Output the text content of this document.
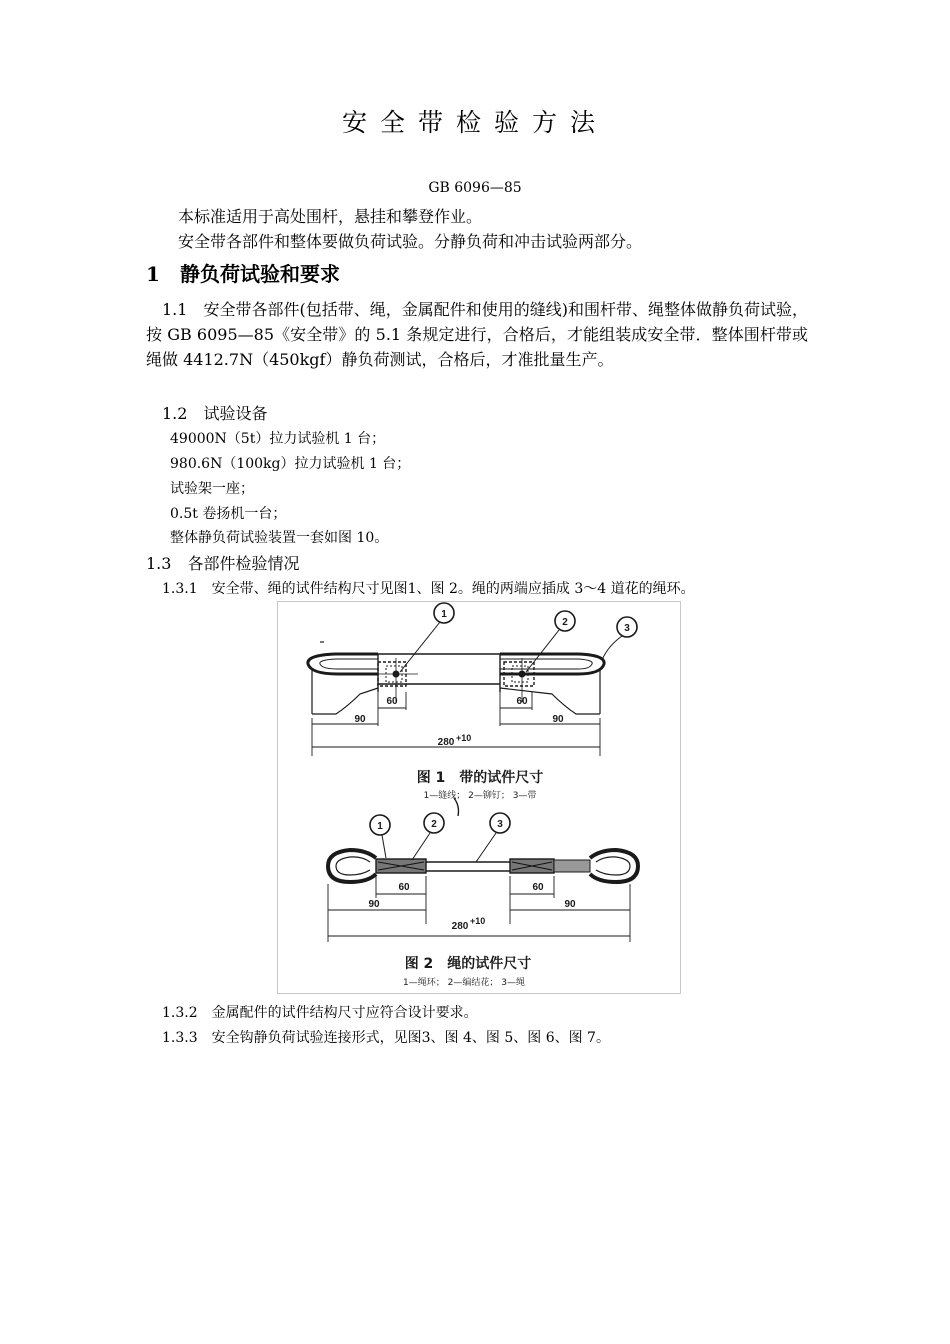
安全带检验方法
GB 6096—85
本标准适用于高处围杆，悬挂和攀登作业。
安全带各部件和整体要做负荷试验。分静负荷和冲击试验两部分。
1 静负荷试验和要求
1.1　安全带各部件(包括带、绳，金属配件和使用的缝线)和围杆带、绳整体做静负荷试验，按 GB 6095—85《安全带》的 5.1 条规定进行，合格后，才能组装成安全带．整体围杆带或绳做 4412.7N（450kgf）静负荷测试，合格后，才准批量生产。
1.2　试验设备
49000N（5t）拉力试验机 1 台；
980.6N（100kg）拉力试验机 1 台；
试验架一座；
0.5t 卷扬机一台；
整体静负荷试验装置一套如图 10。
1.3　各部件检验情况
1.3.1　安全带、绳的试件结构尺寸见图1、图 2。绳的两端应插成 3～4 道花的绳环。
1
2
3
60	60
90	90
280 +10
图 1　带的试件尺寸
1—缝线； 2—铆钉； 3—带
1	2	3
60	60
90	90
280 +10
图 2　绳的试件尺寸
1—绳环； 2—编结花； 3—绳
1.3.2　金属配件的试件结构尺寸应符合设计要求。
1.3.3　安全钩静负荷试验连接形式，见图3、图 4、图 5、图 6、图 7。
